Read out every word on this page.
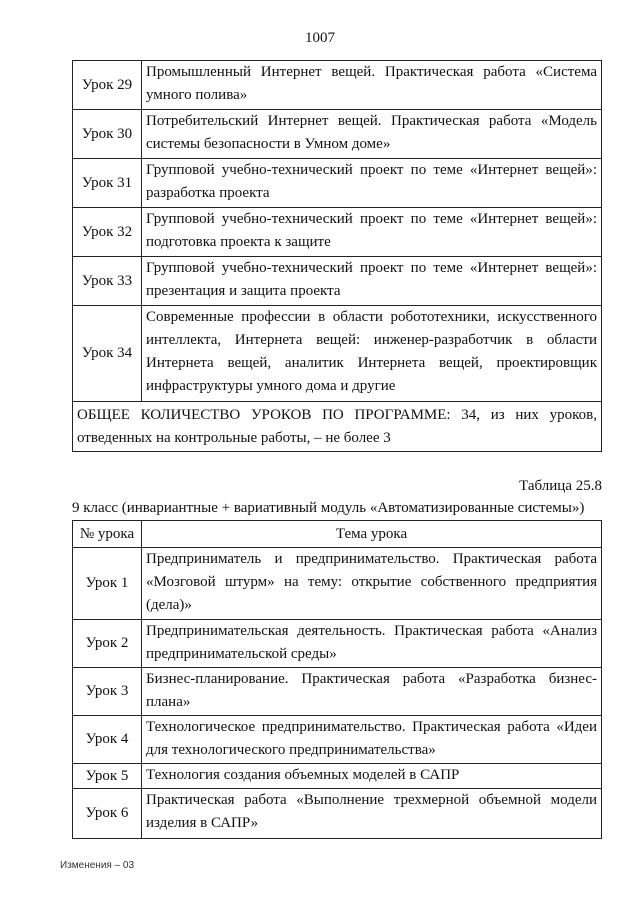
1007
Урок 29	Промышленный Интернет вещей. Практическая работа «Система умного полива»
Урок 30	Потребительский Интернет вещей. Практическая работа «Модель системы безопасности в Умном доме»
Урок 31	Групповой учебно-технический проект по теме «Интернет вещей»: разработка проекта
Урок 32	Групповой учебно-технический проект по теме «Интернет вещей»: подготовка проекта к защите
Урок 33	Групповой учебно-технический проект по теме «Интернет вещей»: презентация и защита проекта
Урок 34	Современные профессии в области робототехники, искусственного интеллекта, Интернета вещей: инженер-разработчик в области Интернета вещей, аналитик Интернета вещей, проектировщик инфраструктуры умного дома и другие
ОБЩЕЕ КОЛИЧЕСТВО УРОКОВ ПО ПРОГРАММЕ: 34, из них уроков, отведенных на контрольные работы, – не более 3	
Таблица 25.8
9 класс (инвариантные + вариативный модуль «Автоматизированные системы»)
№ урока	Тема урока
Урок 1	Предприниматель и предпринимательство. Практическая работа «Мозговой штурм» на тему: открытие собственного предприятия (дела)»
Урок 2	Предпринимательская деятельность. Практическая работа «Анализ предпринимательской среды»
Урок 3	Бизнес-планирование. Практическая работа «Разработка бизнес-плана»
Урок 4	Технологическое предпринимательство. Практическая работа «Идеи для технологического предпринимательства»
Урок 5	Технология создания объемных моделей в САПР
Урок 6	Практическая работа «Выполнение трехмерной объемной модели изделия в САПР»
Изменения – 03
